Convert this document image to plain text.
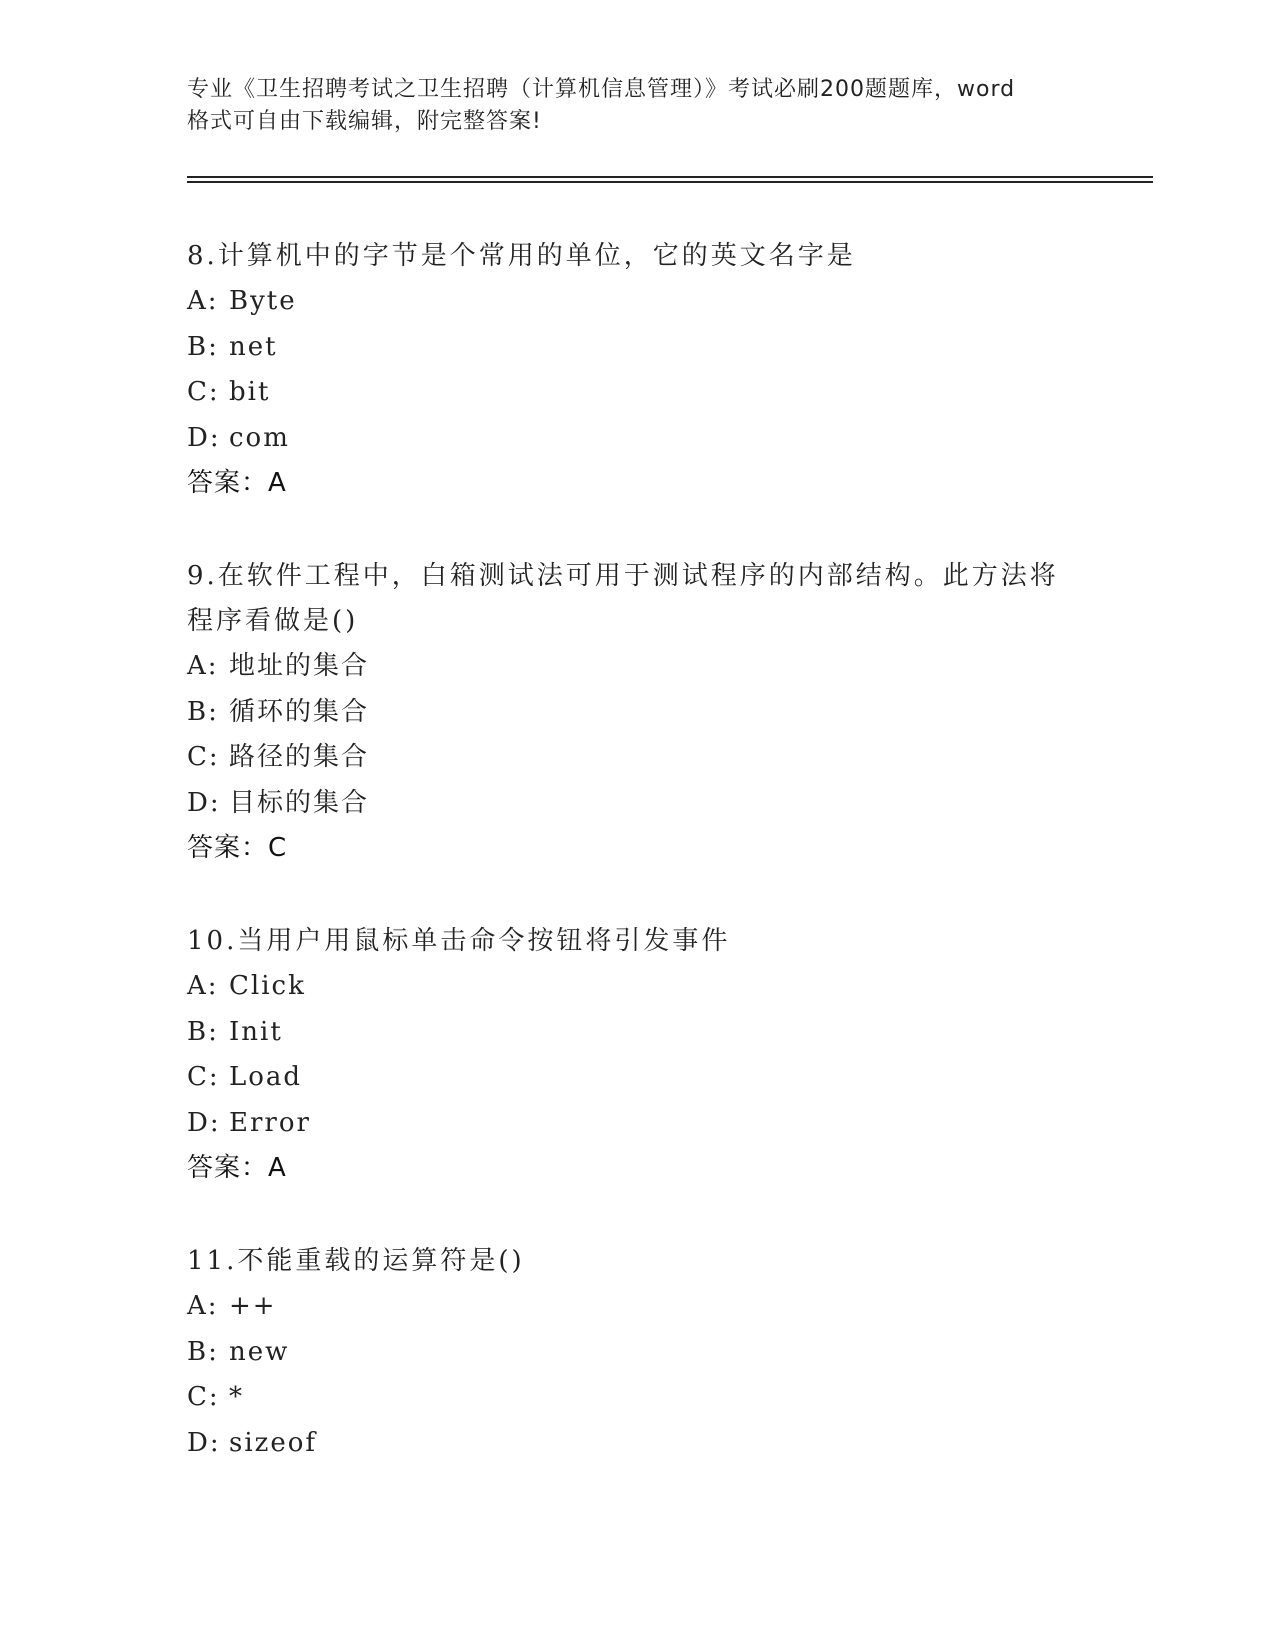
专业《卫生招聘考试之卫生招聘（计算机信息管理）》考试必刷200题题库，word
格式可自由下载编辑，附完整答案!
8.计算机中的字节是个常用的单位，它的英文名字是
A: Byte
B: net
C: bit
D: com
答案：A
9.在软件工程中，白箱测试法可用于测试程序的内部结构。此方法将
程序看做是()
A: 地址的集合
B: 循环的集合
C: 路径的集合
D: 目标的集合
答案：C
10.当用户用鼠标单击命令按钮将引发事件
A: Click
B: Init
C: Load
D: Error
答案：A
11.不能重载的运算符是()
A: ++
B: new
C: *
D: sizeof
